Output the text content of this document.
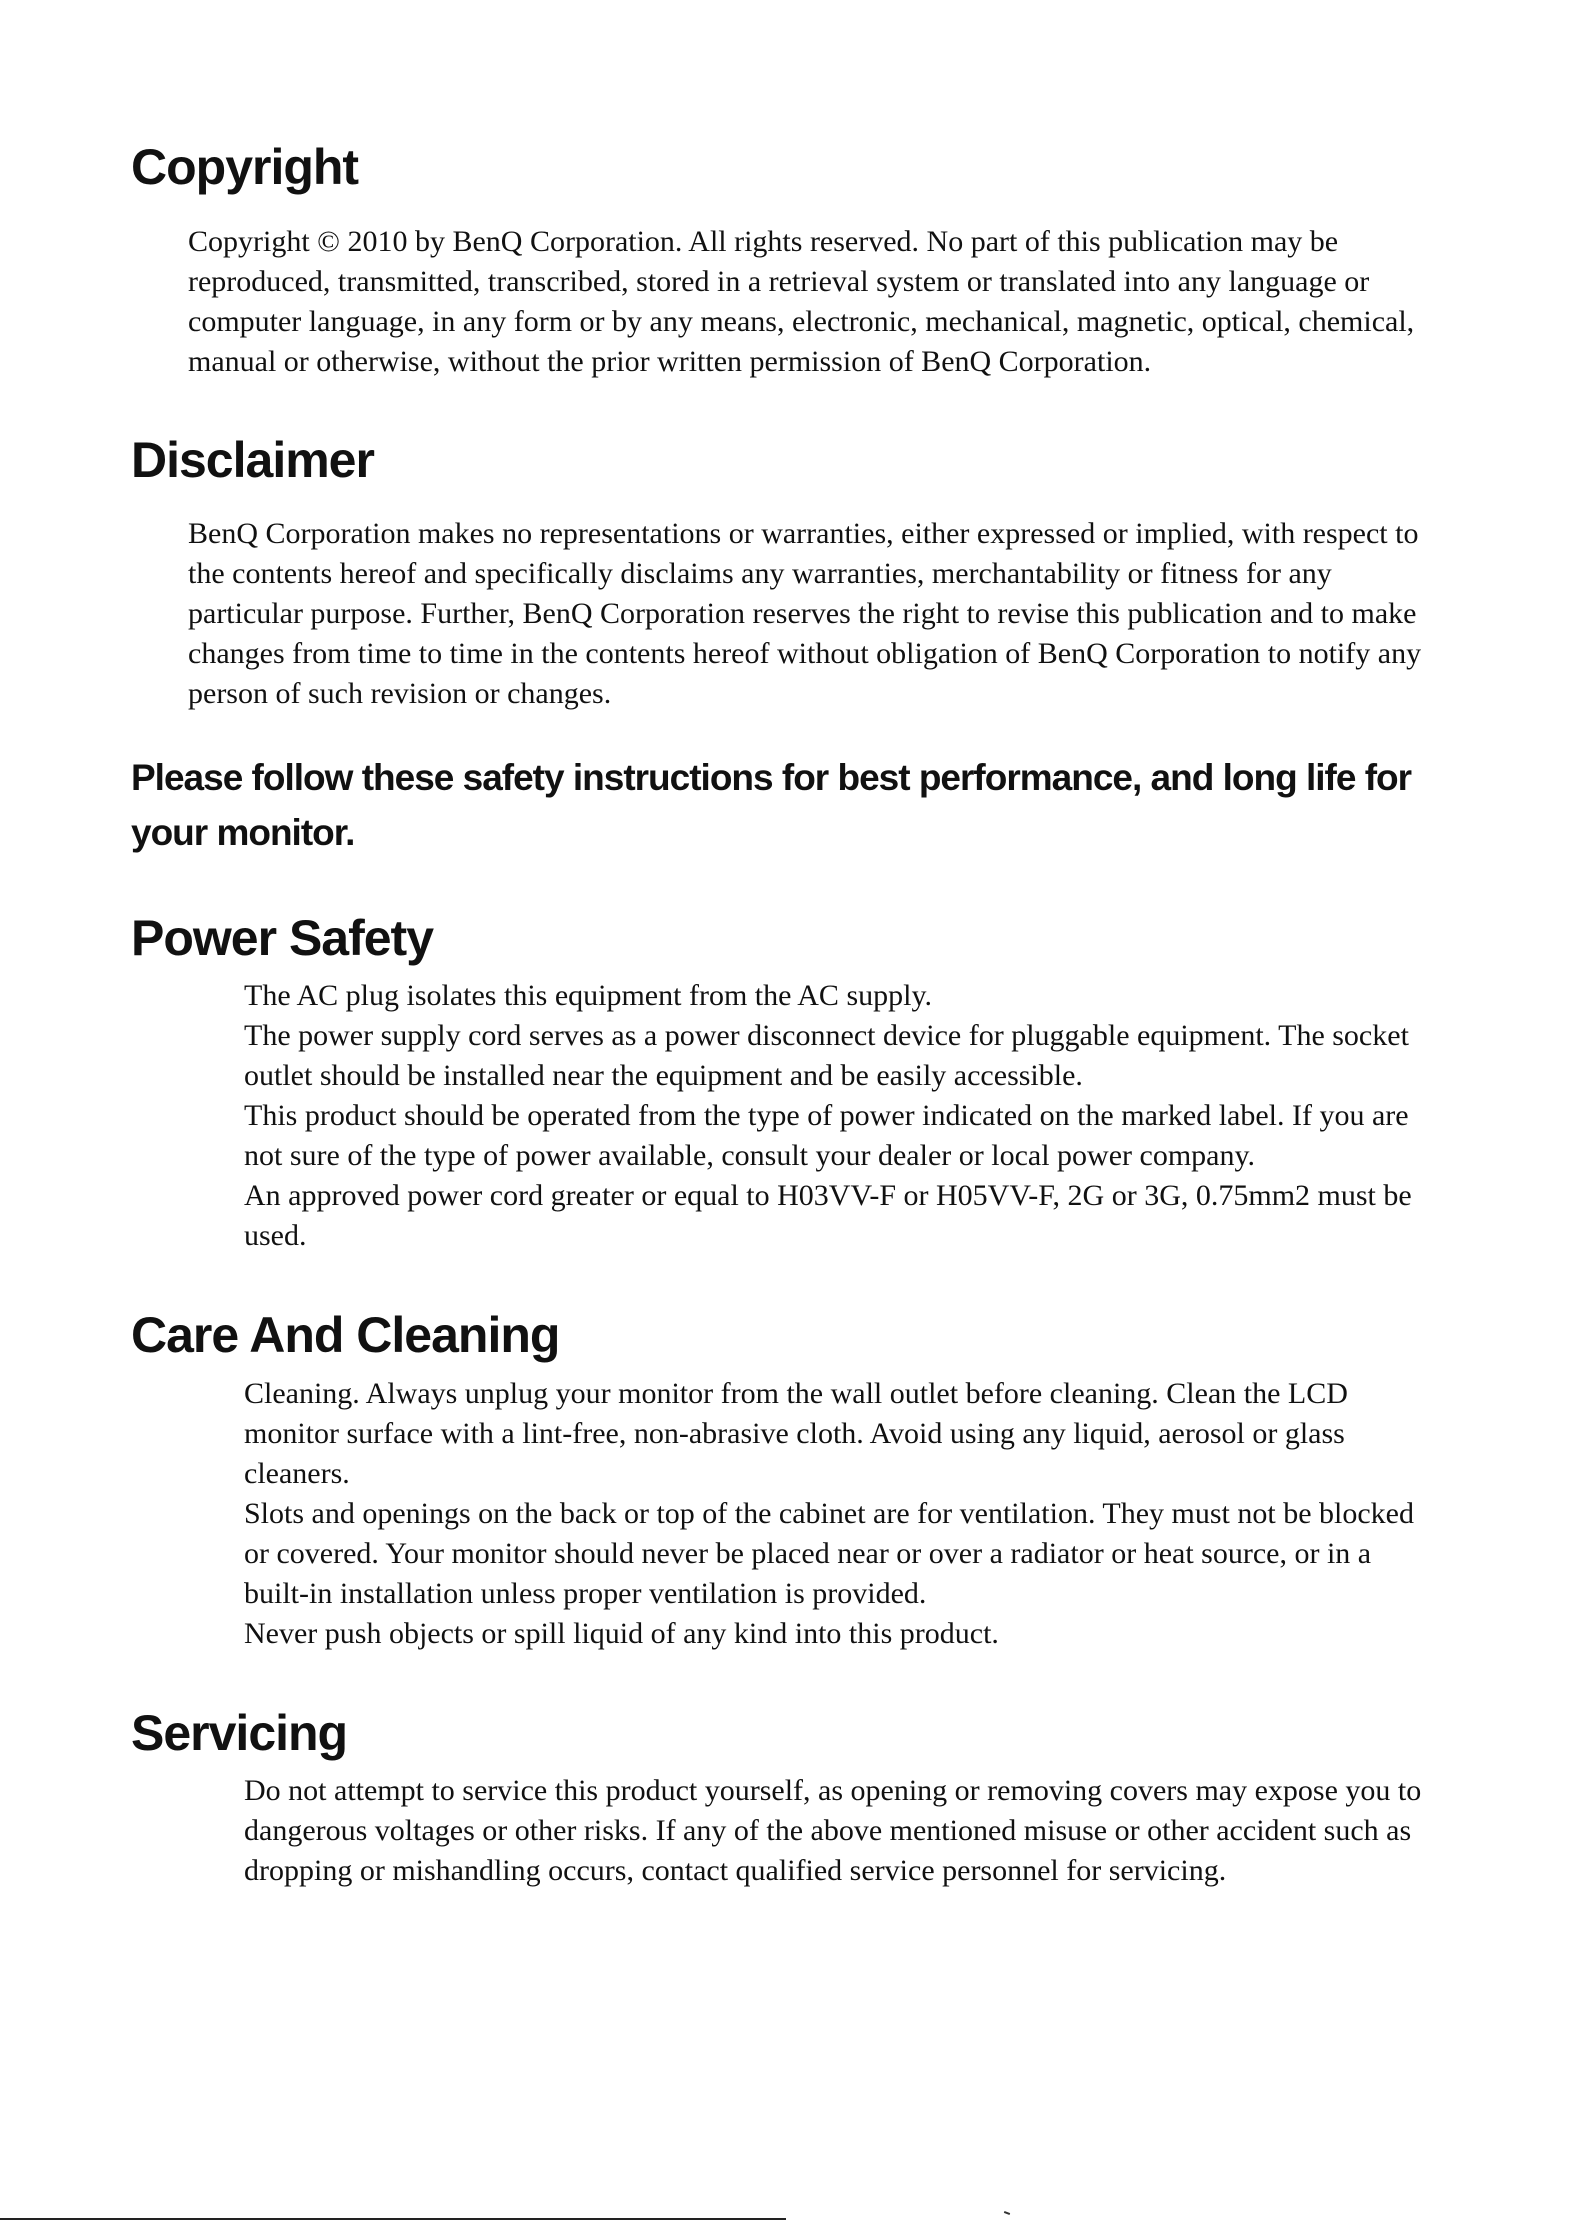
Copyright

Copyright © 2010 by BenQ Corporation. All rights reserved. No part of this publication may be reproduced, transmitted, transcribed, stored in a retrieval system or translated into any language or computer language, in any form or by any means, electronic, mechanical, magnetic, optical, chemical, manual or otherwise, without the prior written permission of BenQ Corporation.

Disclaimer

BenQ Corporation makes no representations or warranties, either expressed or implied, with respect to the contents hereof and specifically disclaims any warranties, merchantability or fitness for any particular purpose. Further, BenQ Corporation reserves the right to revise this publication and to make changes from time to time in the contents hereof without obligation of BenQ Corporation to notify any person of such revision or changes.

Please follow these safety instructions for best performance, and long life for your monitor.
Power Safety

The AC plug isolates this equipment from the AC supply.

The power supply cord serves as a power disconnect device for pluggable equipment. The socket outlet should be installed near the equipment and be easily accessible.

This product should be operated from the type of power indicated on the marked label. If you are not sure of the type of power available, consult your dealer or local power company.

An approved power cord greater or equal to H03VV-F or H05VV-F, 2G or 3G, 0.75mm2 must be used.

Care And Cleaning

Cleaning. Always unplug your monitor from the wall outlet before cleaning. Clean the LCD monitor surface with a lint-free, non-abrasive cloth. Avoid using any liquid, aerosol or glass cleaners.

Slots and openings on the back or top of the cabinet are for ventilation. They must not be blocked or covered. Your monitor should never be placed near or over a radiator or heat source, or in a built-in installation unless proper ventilation is provided.

Never push objects or spill liquid of any kind into this product.

Servicing

Do not attempt to service this product yourself, as opening or removing covers may expose you to dangerous voltages or other risks. If any of the above mentioned misuse or other accident such as dropping or mishandling occurs, contact qualified service personnel for servicing.
